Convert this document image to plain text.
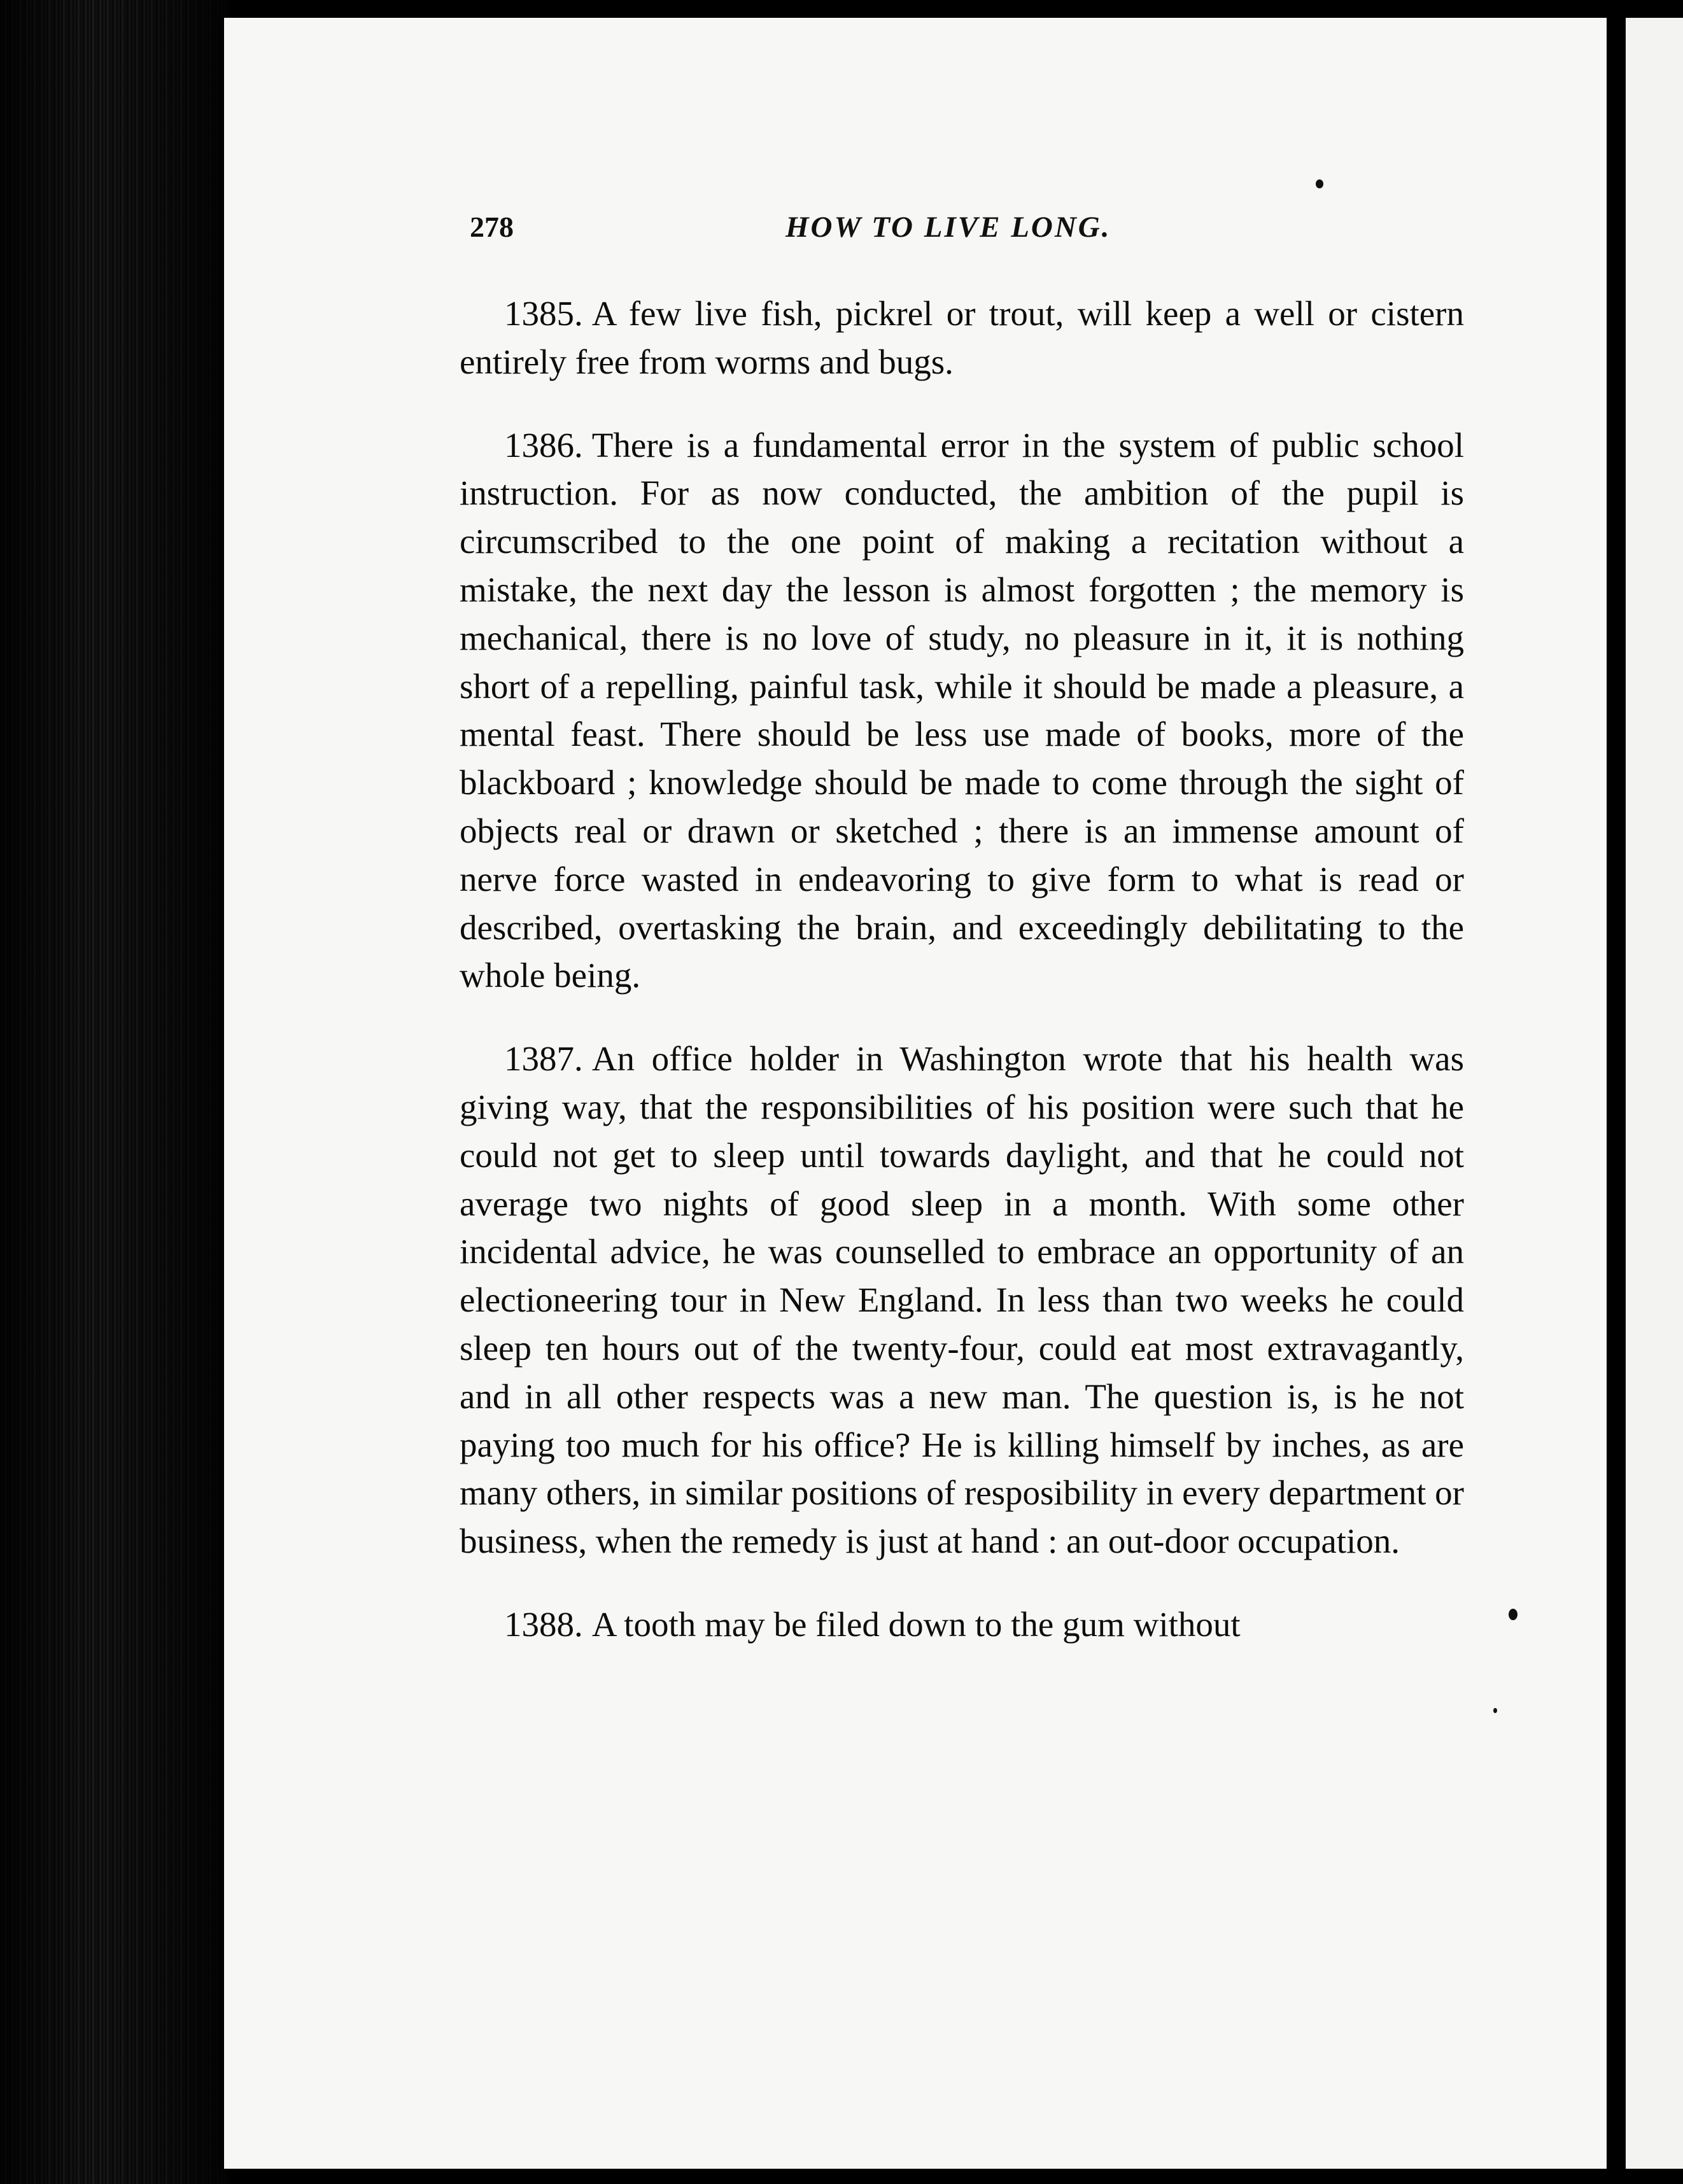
278	HOW TO LIVE LONG.

1385. A few live fish, pickrel or trout, will keep a well or cistern entirely free from worms and bugs.

1386. There is a fundamental error in the system of public school instruction. For as now conducted, the ambition of the pupil is circumscribed to the one point of making a recitation without a mistake, the next day the lesson is almost forgotten ; the memory is mechanical, there is no love of study, no pleasure in it, it is nothing short of a repelling, painful task, while it should be made a pleasure, a mental feast. There should be less use made of books, more of the blackboard ; knowledge should be made to come through the sight of objects real or drawn or sketched ; there is an immense amount of nerve force wasted in endeavoring to give form to what is read or described, overtasking the brain, and exceedingly debilitating to the whole being.

1387. An office holder in Washington wrote that his health was giving way, that the responsibilities of his position were such that he could not get to sleep until towards daylight, and that he could not average two nights of good sleep in a month. With some other incidental advice, he was counselled to embrace an opportunity of an electioneering tour in New England. In less than two weeks he could sleep ten hours out of the twenty-four, could eat most extravagantly, and in all other respects was a new man. The question is, is he not paying too much for his office? He is killing himself by inches, as are many others, in similar positions of resposibility in every department or business, when the remedy is just at hand : an out-door occupation.

1388. A tooth may be filed down to the gum without
